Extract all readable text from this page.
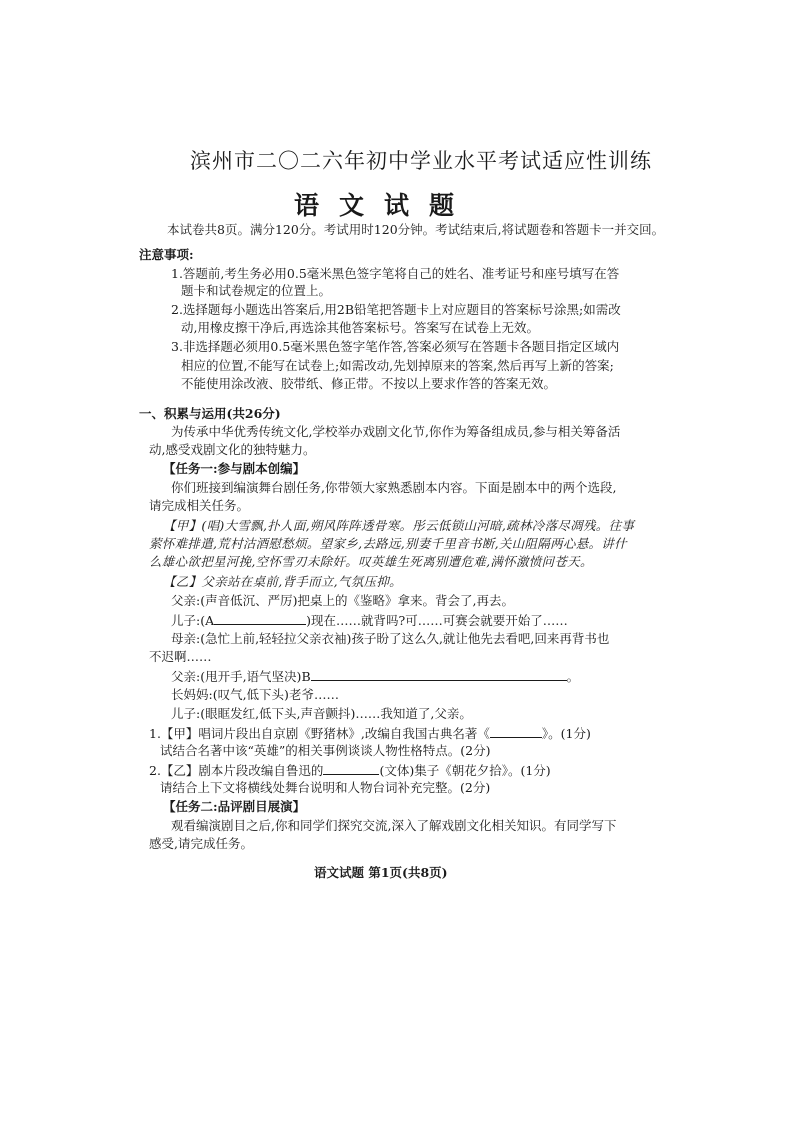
滨州市二〇二六年初中学业水平考试适应性训练
语文试题
本试卷共8页。满分120分。考试用时120分钟。考试结束后,将试题卷和答题卡一并交回。
注意事项:
1.答题前,考生务必用0.5毫米黑色签字笔将自己的姓名、准考证号和座号填写在答
题卡和试卷规定的位置上。
2.选择题每小题选出答案后,用2B铅笔把答题卡上对应题目的答案标号涂黑;如需改
动,用橡皮擦干净后,再选涂其他答案标号。答案写在试卷上无效。
3.非选择题必须用0.5毫米黑色签字笔作答,答案必须写在答题卡各题目指定区域内
相应的位置,不能写在试卷上;如需改动,先划掉原来的答案,然后再写上新的答案;
不能使用涂改液、胶带纸、修正带。不按以上要求作答的答案无效。
一、积累与运用(共26分)
为传承中华优秀传统文化,学校举办戏剧文化节,你作为筹备组成员,参与相关筹备活
动,感受戏剧文化的独特魅力。
【任务一:参与剧本创编】
你们班接到编演舞台剧任务,你带领大家熟悉剧本内容。下面是剧本中的两个选段,
请完成相关任务。
【甲】(唱)大雪飘,扑人面,朔风阵阵透骨寒。彤云低锁山河暗,疏林冷落尽凋残。往事
萦怀难排遣,荒村沽酒慰愁烦。望家乡,去路远,别妻千里音书断,关山阻隔两心悬。讲什
么雄心欲把星河挽,空怀雪刃未除奸。叹英雄生死离别遭危难,满怀激愤问苍天。
【乙】父亲站在桌前,背手而立,气氛压抑。
父亲:(声音低沉、严厉)把桌上的《鉴略》拿来。背会了,再去。
儿子:(A	)现在……就背吗?可……可赛会就要开始了……
母亲:(急忙上前,轻轻拉父亲衣袖)孩子盼了这么久,就让他先去看吧,回来再背书也
不迟啊……
父亲:(甩开手,语气坚决)B	。
长妈妈:(叹气,低下头)老爷……
儿子:(眼眶发红,低下头,声音颤抖)……我知道了,父亲。
1.【甲】唱词片段出自京剧《野猪林》,改编自我国古典名著《	》。(1分)
试结合名著中该“英雄”的相关事例谈谈人物性格特点。(2分)
2.【乙】剧本片段改编自鲁迅的	(文体)集子《朝花夕拾》。(1分)
请结合上下文将横线处舞台说明和人物台词补充完整。(2分)
【任务二:品评剧目展演】
观看编演剧目之后,你和同学们探究交流,深入了解戏剧文化相关知识。有同学写下
感受,请完成任务。
语文试题 第1页(共8页)
